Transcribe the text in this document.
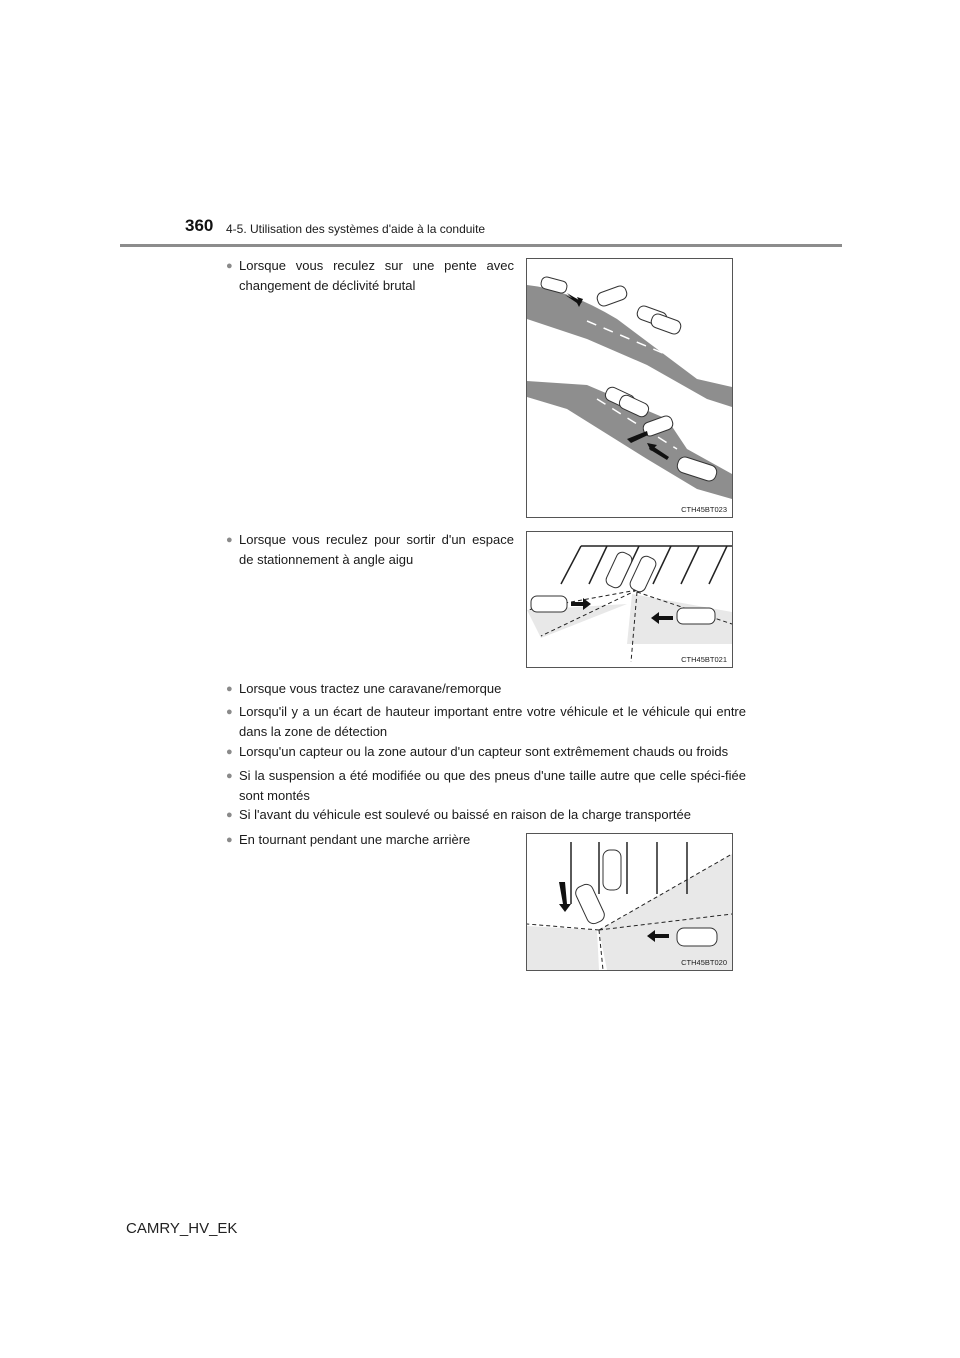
360 4-5. Utilisation des systèmes d'aide à la conduite
● Lorsque vous reculez sur une pente avec changement de déclivité brutal
CTH45BT023
● Lorsque vous reculez pour sortir d'un espace de stationnement à angle aigu
CTH45BT021
● Lorsque vous tractez une caravane/remorque
● Lorsqu'il y a un écart de hauteur important entre votre véhicule et le véhicule qui entre dans la zone de détection
● Lorsqu'un capteur ou la zone autour d'un capteur sont extrêmement chauds ou froids
● Si la suspension a été modifiée ou que des pneus d'une taille autre que celle spéci-fiée sont montés
● Si l'avant du véhicule est soulevé ou baissé en raison de la charge transportée
● En tournant pendant une marche arrière
CTH45BT020
CAMRY_HV_EK
